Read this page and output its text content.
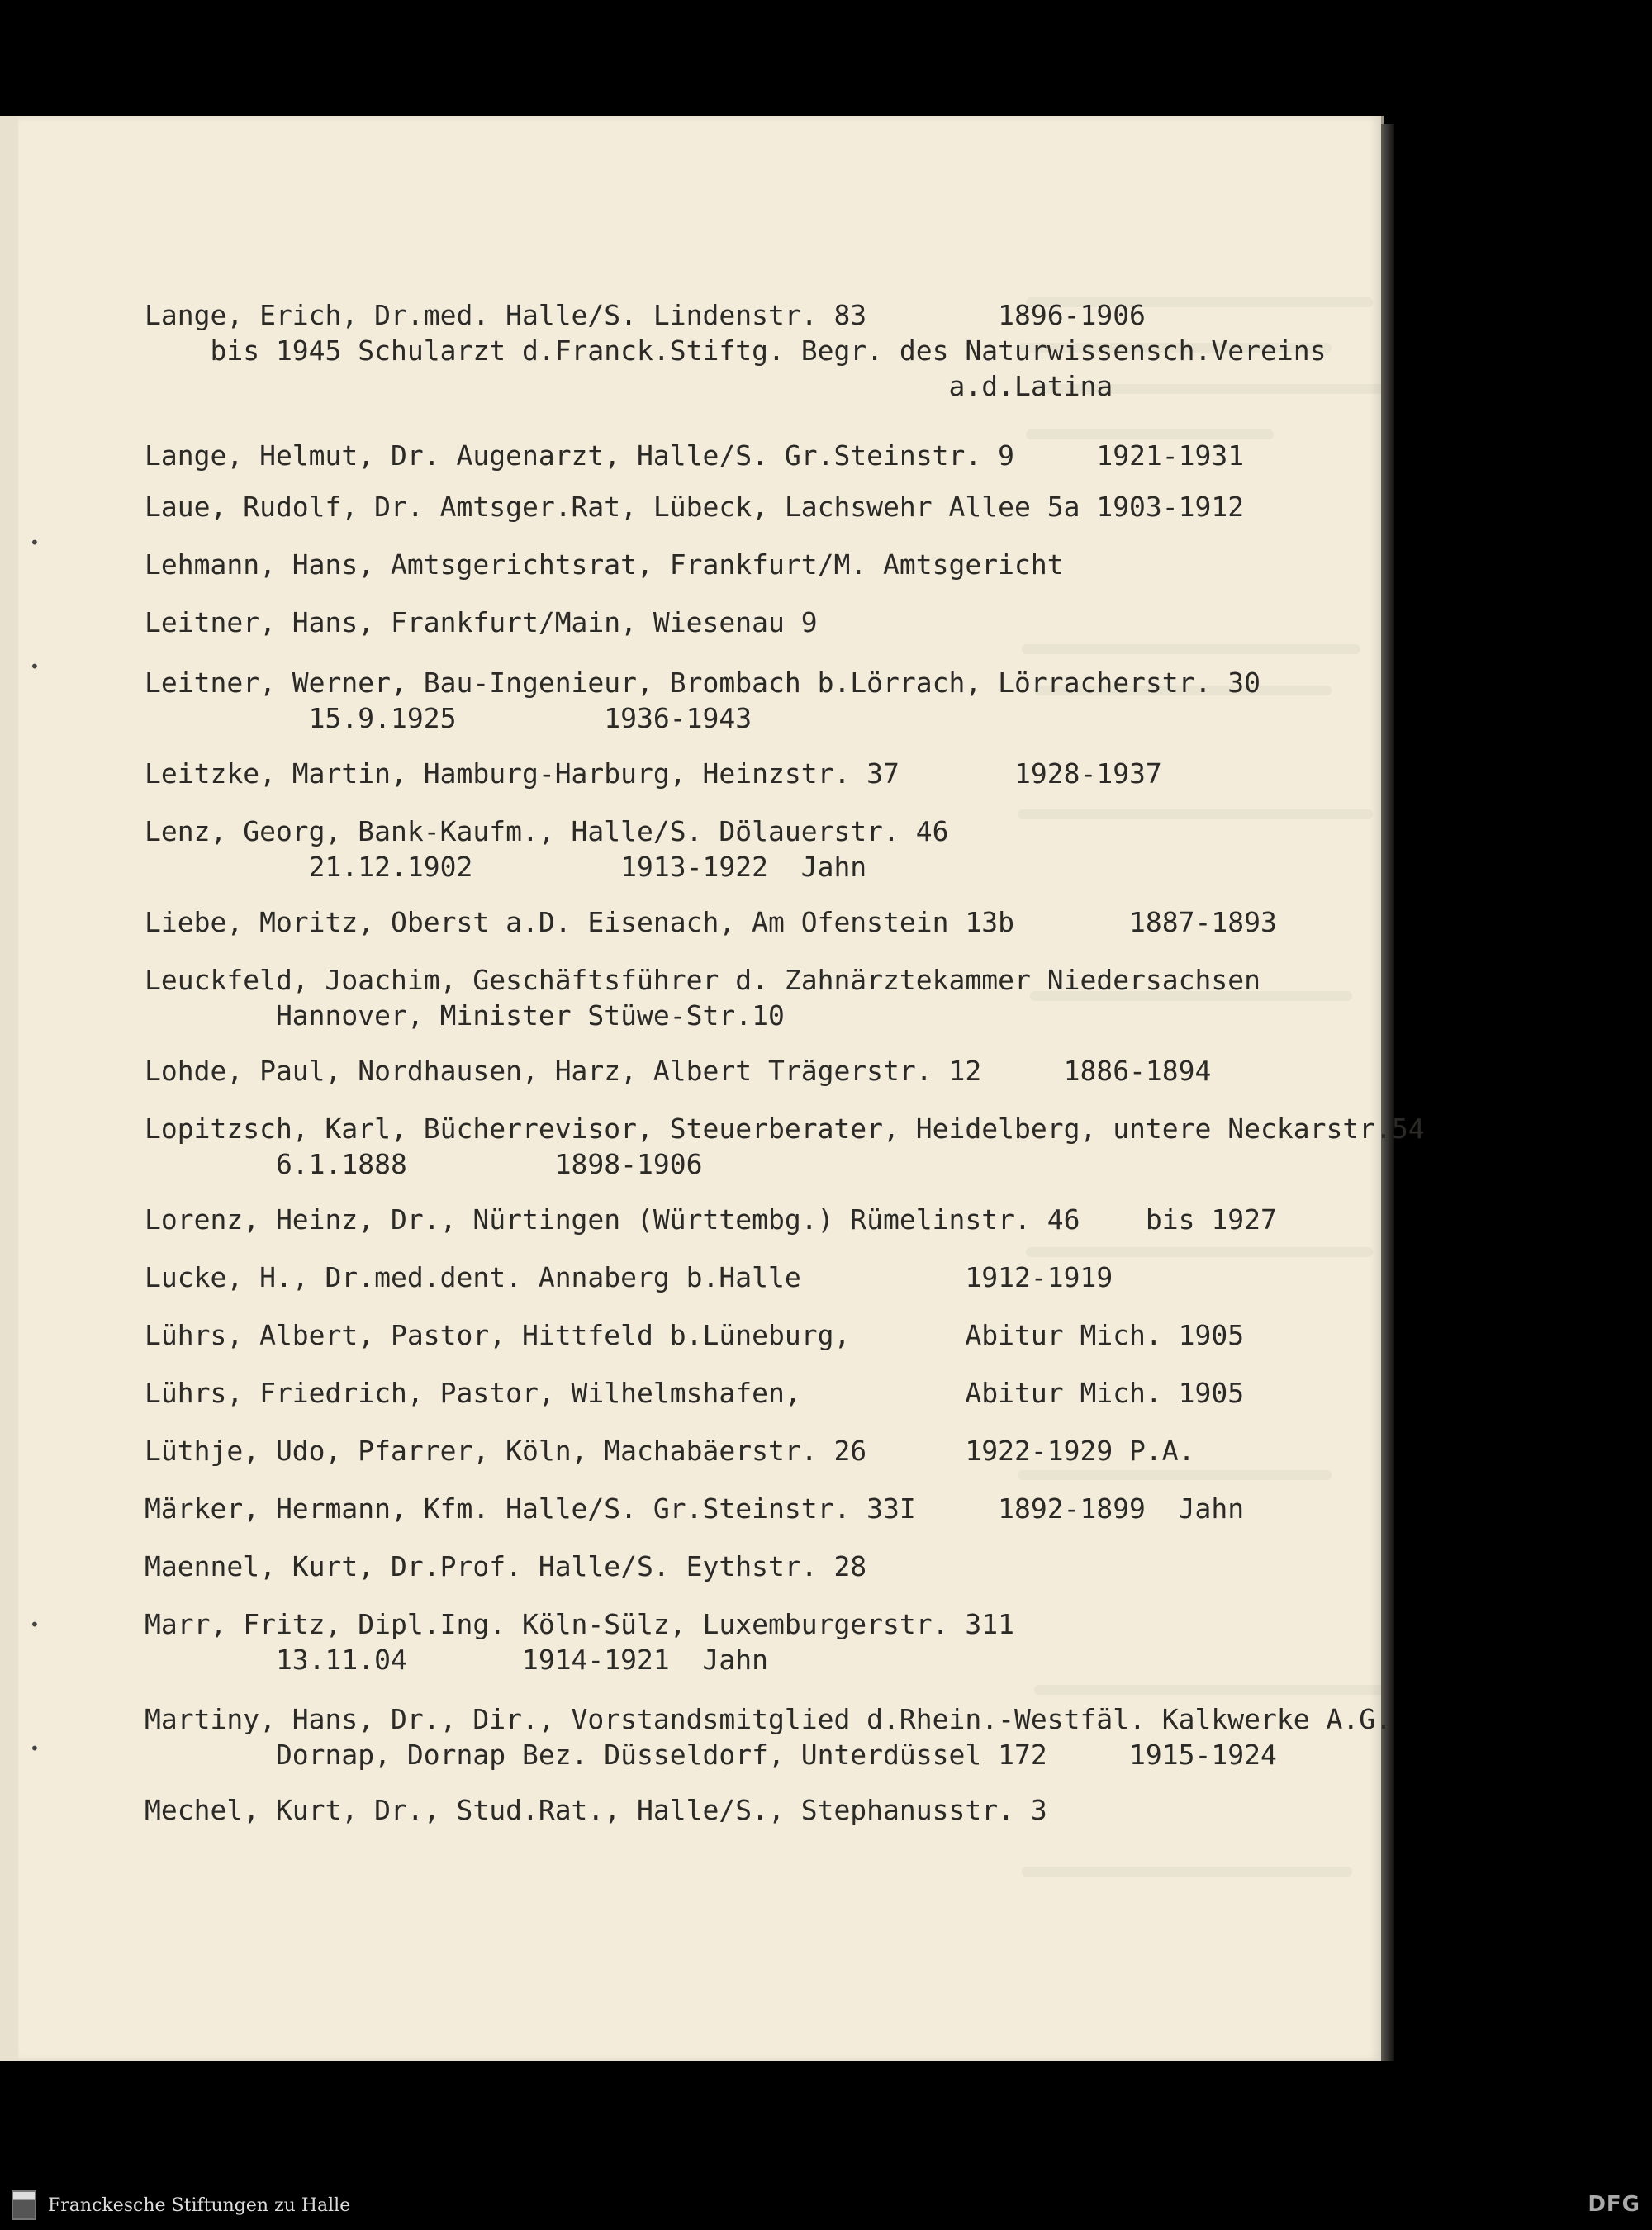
•
•
•
•
Lange, Erich, Dr.med. Halle/S. Lindenstr. 83        1896-1906
bis 1945 Schularzt d.Franck.Stiftg. Begr. des Naturwissensch.Vereins
a.d.Latina
Lange, Helmut, Dr. Augenarzt, Halle/S. Gr.Steinstr. 9     1921-1931
Laue, Rudolf, Dr. Amtsger.Rat, Lübeck, Lachswehr Allee 5a 1903-1912
Lehmann, Hans, Amtsgerichtsrat, Frankfurt/M. Amtsgericht
Leitner, Hans, Frankfurt/Main, Wiesenau 9
Leitner, Werner, Bau-Ingenieur, Brombach b.Lörrach, Lörracherstr. 30
15.9.1925         1936-1943
Leitzke, Martin, Hamburg-Harburg, Heinzstr. 37       1928-1937
Lenz, Georg, Bank-Kaufm., Halle/S. Dölauerstr. 46
21.12.1902         1913-1922  Jahn
Liebe, Moritz, Oberst a.D. Eisenach, Am Ofenstein 13b       1887-1893
Leuckfeld, Joachim, Geschäftsführer d. Zahnärztekammer Niedersachsen
Hannover, Minister Stüwe-Str.10
Lohde, Paul, Nordhausen, Harz, Albert Trägerstr. 12     1886-1894
Lopitzsch, Karl, Bücherrevisor, Steuerberater, Heidelberg, untere Neckarstr.54
6.1.1888         1898-1906
Lorenz, Heinz, Dr., Nürtingen (Württembg.) Rümelinstr. 46    bis 1927
Lucke, H., Dr.med.dent. Annaberg b.Halle          1912-1919
Lührs, Albert, Pastor, Hittfeld b.Lüneburg,       Abitur Mich. 1905
Lührs, Friedrich, Pastor, Wilhelmshafen,          Abitur Mich. 1905
Lüthje, Udo, Pfarrer, Köln, Machabäerstr. 26      1922-1929 P.A.
Märker, Hermann, Kfm. Halle/S. Gr.Steinstr. 33I     1892-1899  Jahn
Maennel, Kurt, Dr.Prof. Halle/S. Eythstr. 28
Marr, Fritz, Dipl.Ing. Köln-Sülz, Luxemburgerstr. 311
13.11.04       1914-1921  Jahn
Martiny, Hans, Dr., Dir., Vorstandsmitglied d.Rhein.-Westfäl. Kalkwerke A.G.
Dornap, Dornap Bez. Düsseldorf, Unterdüssel 172     1915-1924
Mechel, Kurt, Dr., Stud.Rat., Halle/S., Stephanusstr. 3
Franckesche Stiftungen zu Halle	DFG
